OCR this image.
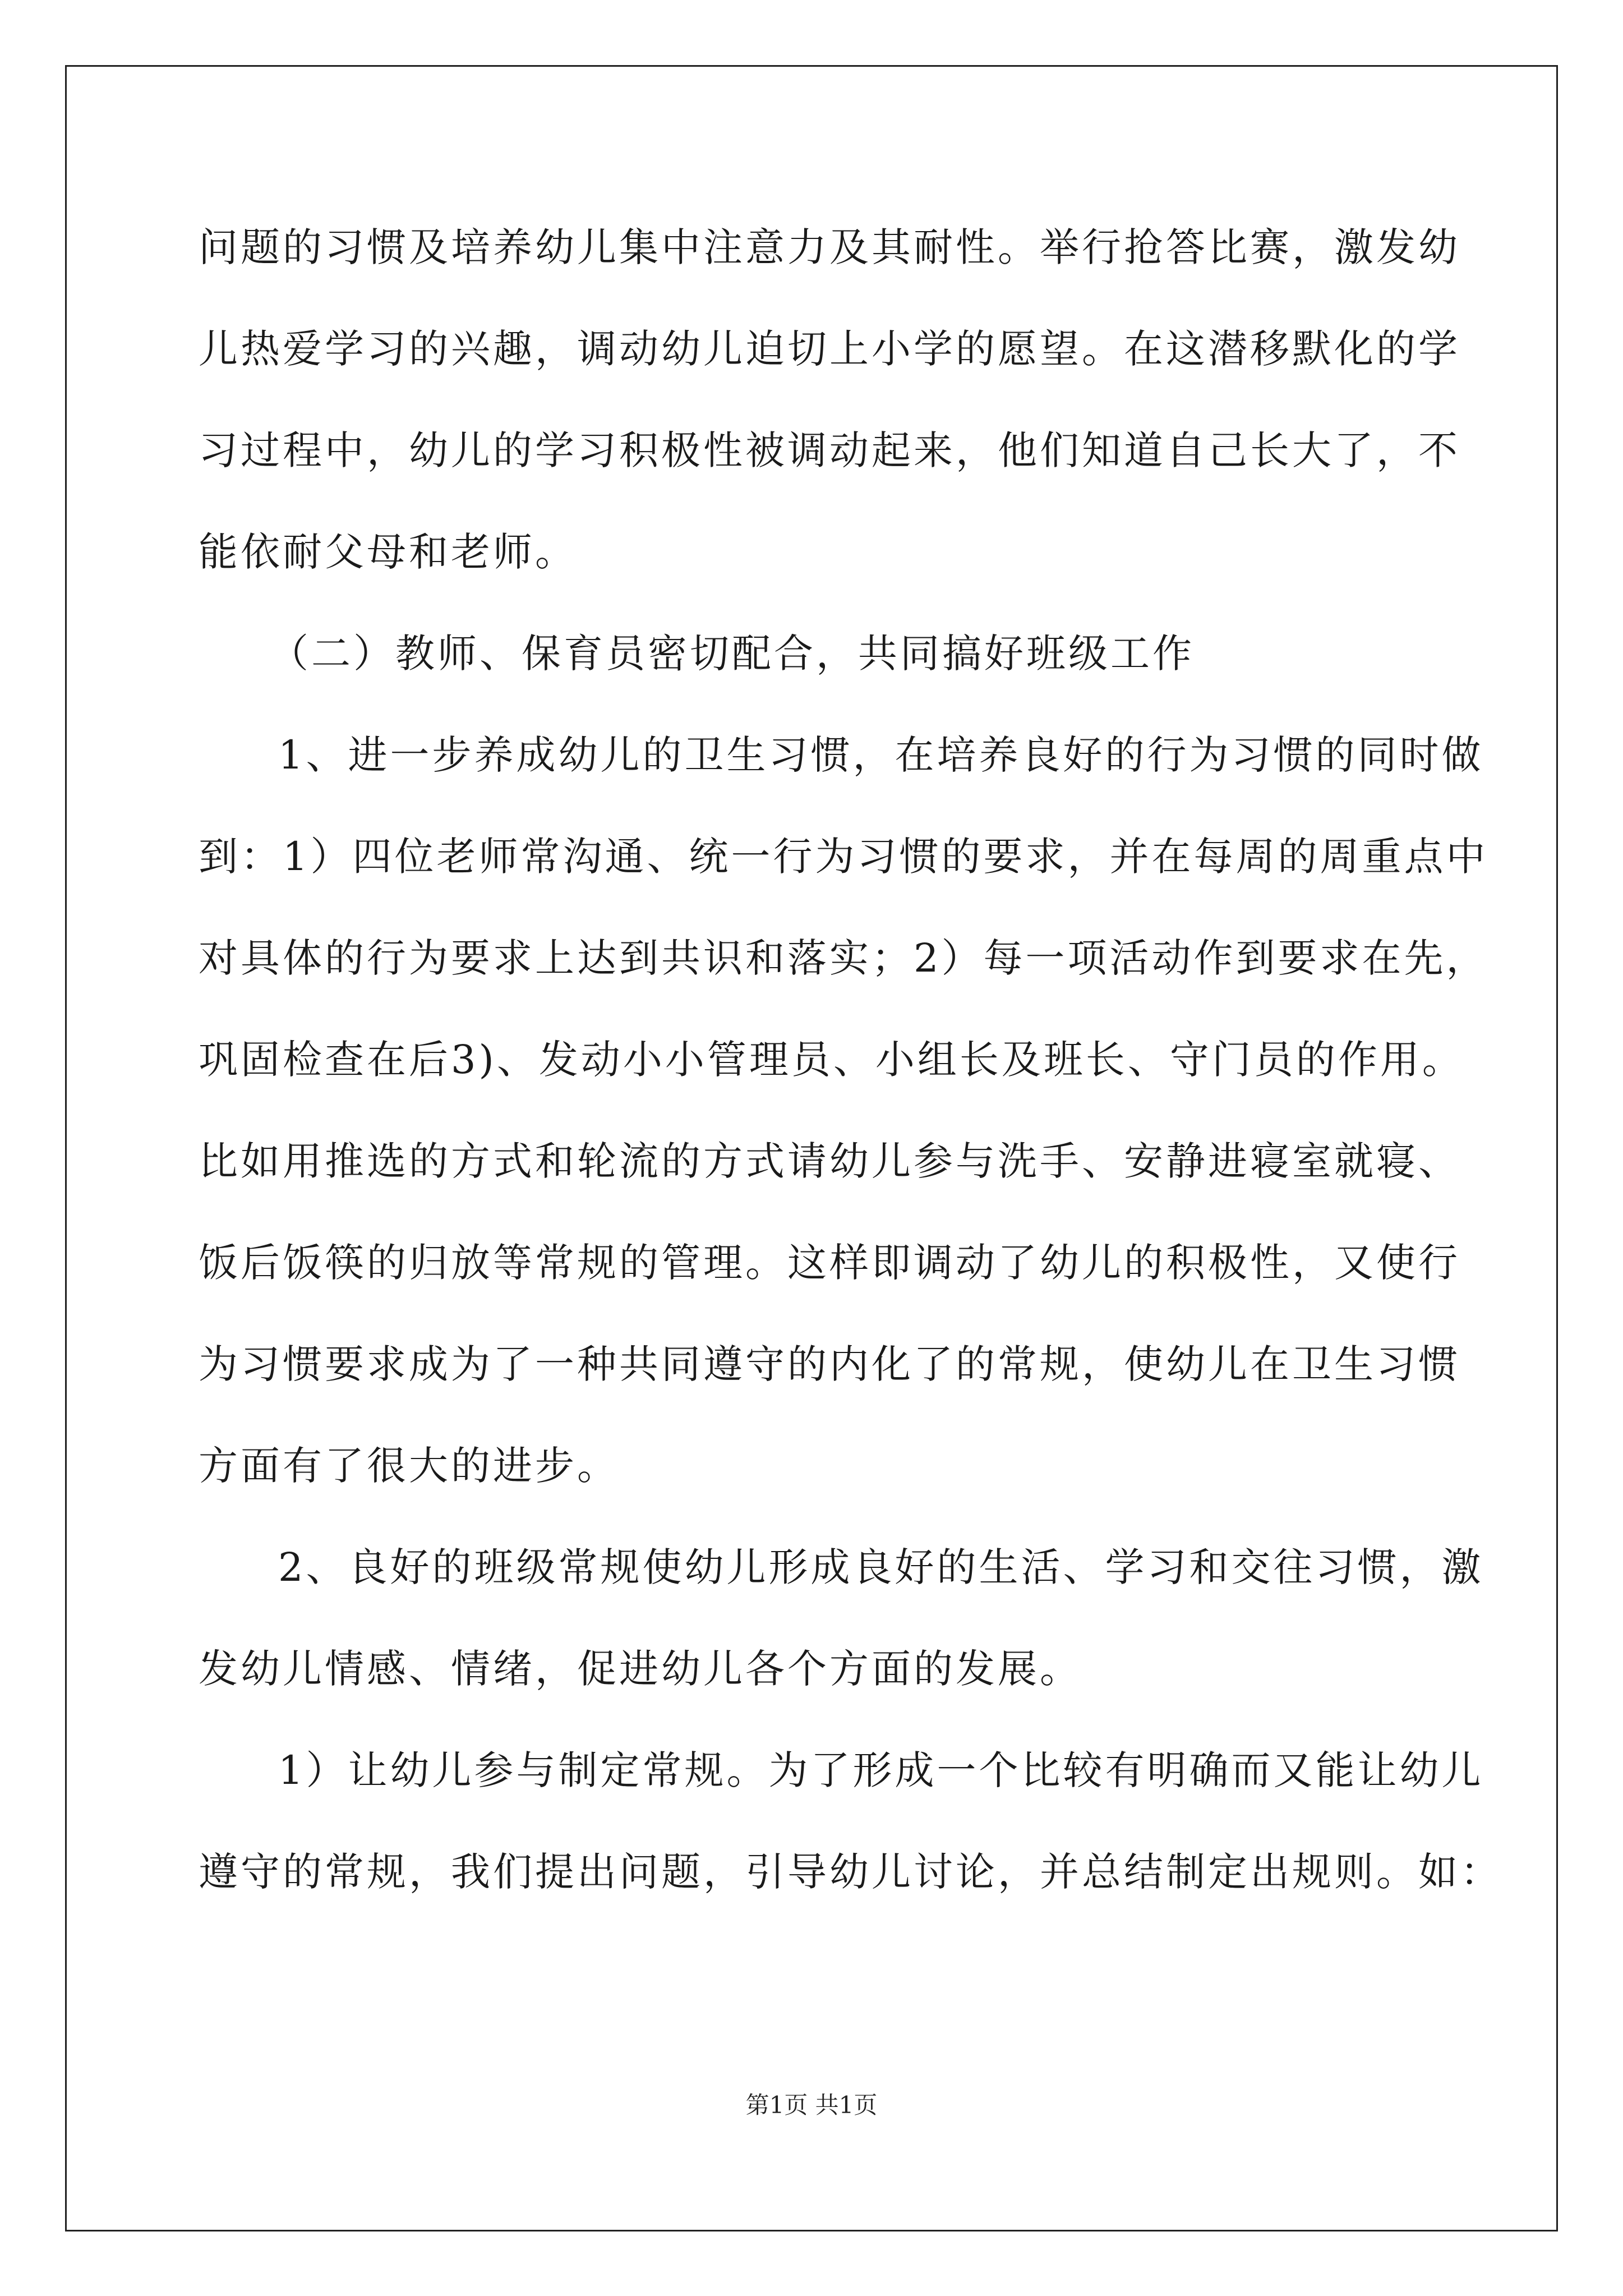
问题的习惯及培养幼儿集中注意力及其耐性。举行抢答比赛，激发幼
儿热爱学习的兴趣，调动幼儿迫切上小学的愿望。在这潜移默化的学
习过程中，幼儿的学习积极性被调动起来，他们知道自己长大了，不
能依耐父母和老师。
（二）教师、保育员密切配合，共同搞好班级工作
1、进一步养成幼儿的卫生习惯，在培养良好的行为习惯的同时做
到：1）四位老师常沟通、统一行为习惯的要求，并在每周的周重点中
对具体的行为要求上达到共识和落实；2）每一项活动作到要求在先，
巩固检查在后3)、发动小小管理员、小组长及班长、守门员的作用。
比如用推选的方式和轮流的方式请幼儿参与洗手、安静进寝室就寝、
饭后饭筷的归放等常规的管理。这样即调动了幼儿的积极性，又使行
为习惯要求成为了一种共同遵守的内化了的常规，使幼儿在卫生习惯
方面有了很大的进步。
2、良好的班级常规使幼儿形成良好的生活、学习和交往习惯，激
发幼儿情感、情绪，促进幼儿各个方面的发展。
1）让幼儿参与制定常规。为了形成一个比较有明确而又能让幼儿
遵守的常规，我们提出问题，引导幼儿讨论，并总结制定出规则。如：
第1页 共1页
